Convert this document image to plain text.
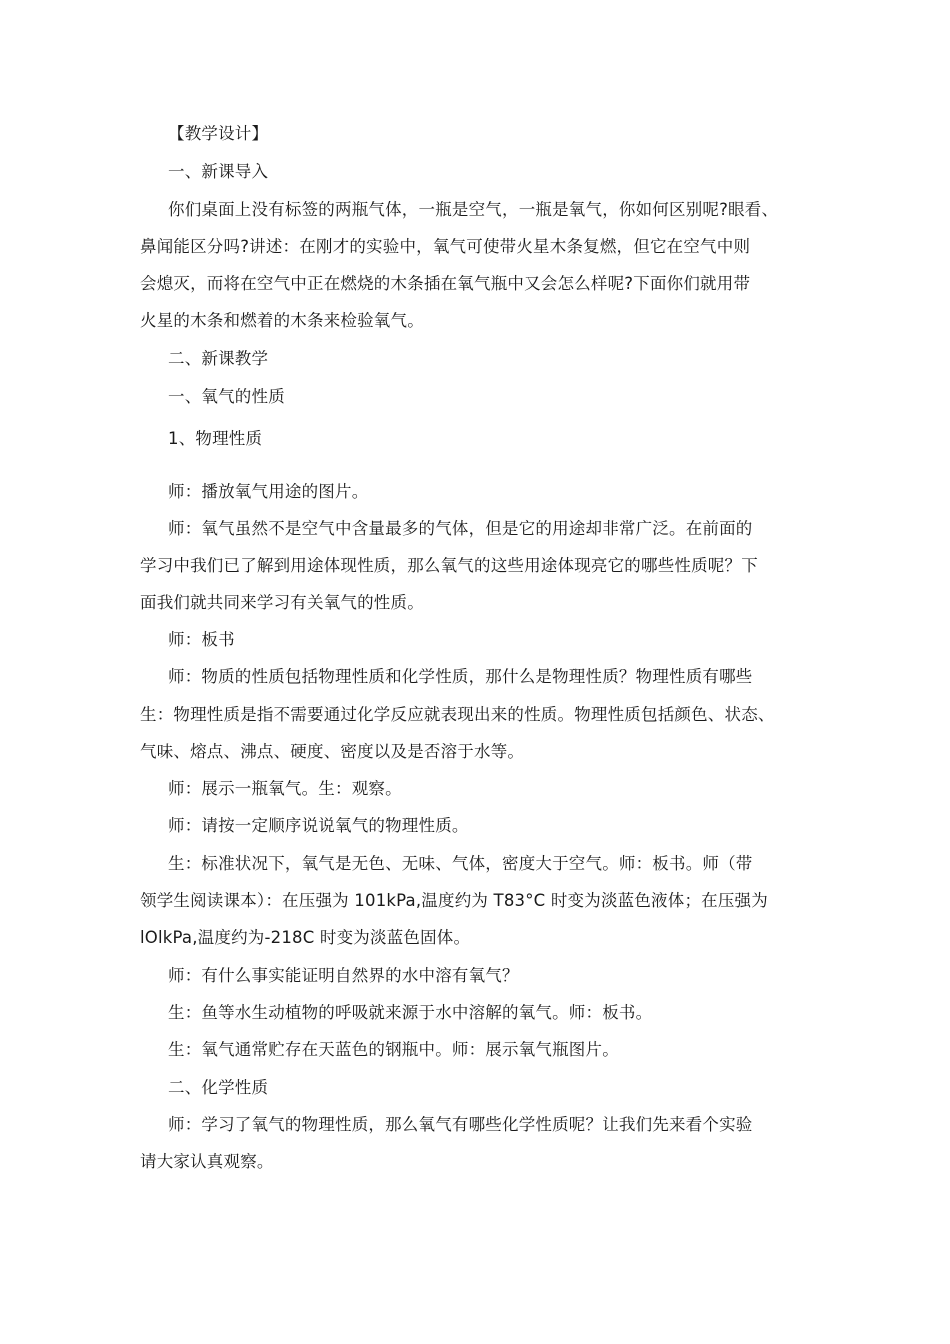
【教学设计】
一、新课导入
你们桌面上没有标签的两瓶气体，一瓶是空气，一瓶是氧气，你如何区别呢?眼看、
鼻闻能区分吗?讲述：在刚才的实验中，氧气可使带火星木条复燃，但它在空气中则
会熄灭，而将在空气中正在燃烧的木条插在氧气瓶中又会怎么样呢?下面你们就用带
火星的木条和燃着的木条来检验氧气。
二、新课教学
一、氧气的性质
1、物理性质
师：播放氧气用途的图片。
师：氧气虽然不是空气中含量最多的气体，但是它的用途却非常广泛。在前面的
学习中我们已了解到用途体现性质，那么氧气的这些用途体现亮它的哪些性质呢？下
面我们就共同来学习有关氧气的性质。
师：板书
师：物质的性质包括物理性质和化学性质，那什么是物理性质？物理性质有哪些
生：物理性质是指不需要通过化学反应就表现出来的性质。物理性质包括颜色、状态、
气味、熔点、沸点、硬度、密度以及是否溶于水等。
师：展示一瓶氧气。生：观察。
师：请按一定顺序说说氧气的物理性质。
生：标准状况下，氧气是无色、无味、气体，密度大于空气。师：板书。师（带
领学生阅读课本）：在压强为 101kPa,温度约为 T83°C 时变为淡蓝色液体；在压强为
lOlkPa,温度约为-218C 时变为淡蓝色固体。
师：有什么事实能证明自然界的水中溶有氧气？
生：鱼等水生动植物的呼吸就来源于水中溶解的氧气。师：板书。
生：氧气通常贮存在天蓝色的钢瓶中。师：展示氧气瓶图片。
二、化学性质
师：学习了氧气的物理性质，那么氧气有哪些化学性质呢？让我们先来看个实验
请大家认真观察。
